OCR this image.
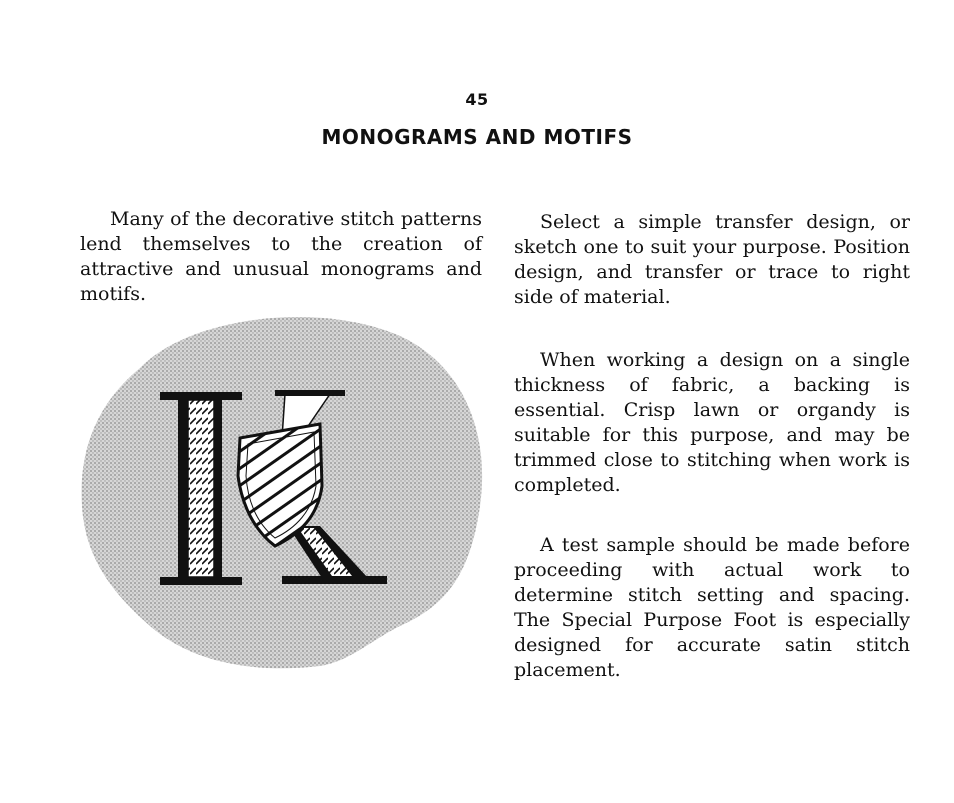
45
MONOGRAMS AND MOTIFS

Many of the decorative stitch patterns lend themselves to the creation of attractive and unusual monograms and motifs.

Select a simple transfer design, or sketch one to suit your purpose. Position design, and transfer or trace to right side of material.

When working a design on a single thickness of fabric, a backing is essential. Crisp lawn or organdy is suitable for this purpose, and may be trimmed close to stitching when work is completed.

A test sample should be made before proceeding with actual work to determine stitch setting and spacing. The Special Purpose Foot is especially designed for accurate satin stitch placement.
